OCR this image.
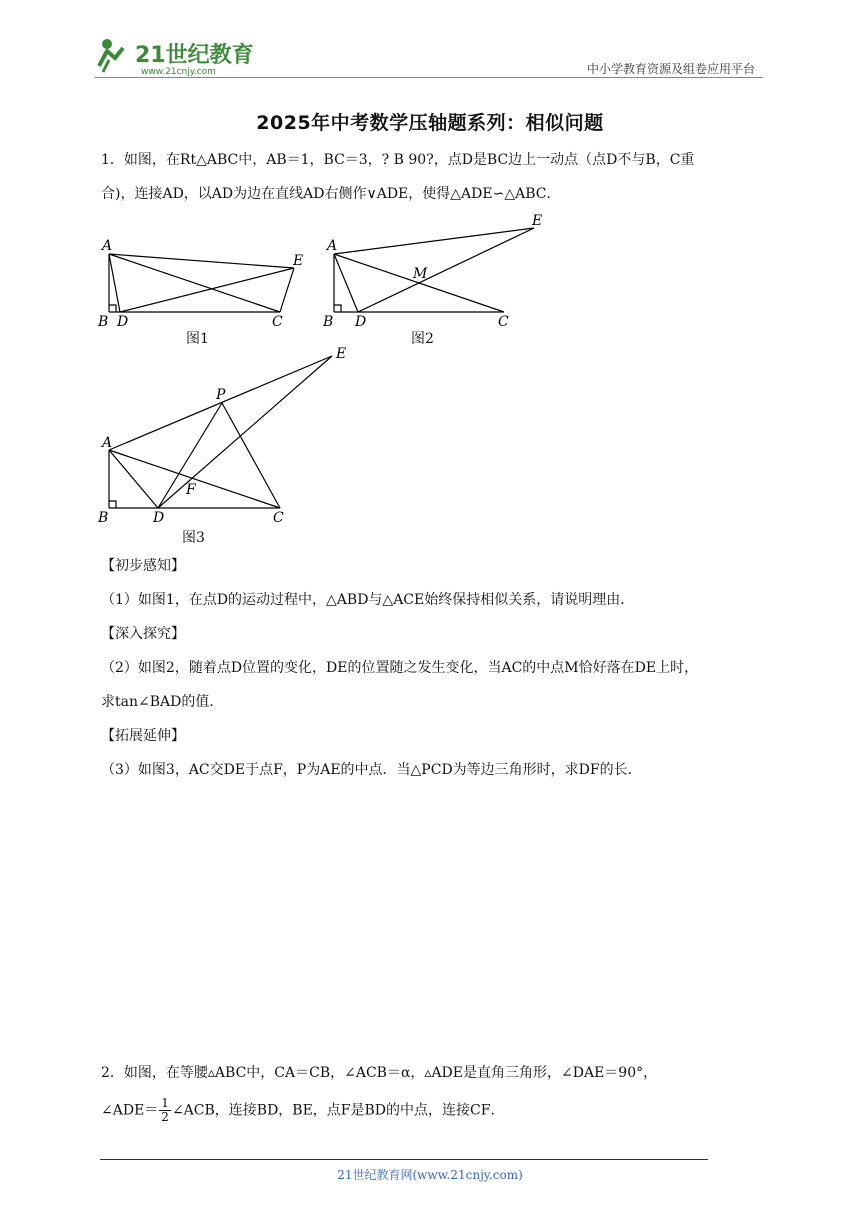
21世纪教育
www.21cnjy.com	中小学教育资源及组卷应用平台
2025年中考数学压轴题系列：相似问题
1．如图，在Rt△ABC中，AB＝1，BC＝3，? B 90?，点D是BC边上一动点（点D不与B，C重
合)，连接AD，以AD为边在直线AD右侧作∨ADE，使得△ADE∽△ABC．
A
B D	C
E
A
B D	C
E
M
A
B	D	C
E
P
F
图1	图2
图3
【初步感知】
（1）如图1，在点D的运动过程中，△ABD与△ACE始终保持相似关系，请说明理由．
【深入探究】
（2）如图2，随着点D位置的变化，DE的位置随之发生变化，当AC的中点M恰好落在DE上时，
求tan∠BAD的值．
【拓展延伸】
（3）如图3，AC交DE于点F，P为AE的中点．当△PCD为等边三角形时，求DF的长．
2．如图，在等腰▵ABC中，CA＝CB，∠ACB＝α，▵ADE是直角三角形，∠DAE＝90°，
∠ADE＝ $\frac{1}{2}$ ∠ACB，连接BD，BE，点F是BD的中点，连接CF．
21世纪教育网(www.21cnjy.com)
